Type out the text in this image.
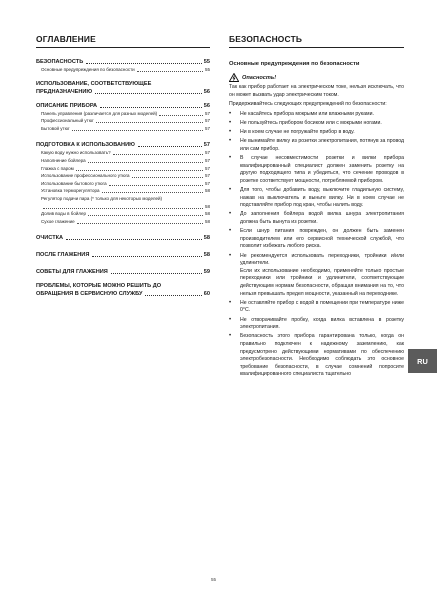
ОГЛАВЛЕНИЕ
БЕЗОПАСНОСТЬ	55
Основные предупреждения по безопасности	55
ИСПОЛЬЗОВАНИЕ, СООТВЕТСТВУЮЩЕЕ
ПРЕДНАЗНАЧЕНИЮ	56
ОПИСАНИЕ ПРИБОРА	56
Панель управления (различается для разных моделей)	57
Профессиональный утюг	57
Бытовой утюг	57
ПОДГОТОВКА К ИСПОЛЬЗОВАНИЮ	57
Какую воду нужно использовать?	57
Наполнение бойлера	57
Глажка с паром	57
Использование профессионального утюга	57
Использование бытового утюга	57
Установка терморегулятора	58
Регулятор подачи пара (* только для некоторых моделей)
58
Долив воды в бойлер	58
Сухое глажение	58
ОЧИСТКА	58
ПОСЛЕ ГЛАЖЕНИЯ	58
СОВЕТЫ ДЛЯ ГЛАЖЕНИЯ	59
ПРОБЛЕМЫ, КОТОРЫЕ МОЖНО РЕШИТЬ ДО
ОБРАЩЕНИЯ В СЕРВИСНУЮ СЛУЖБУ	60
БЕЗОПАСНОСТЬ
Основные предупреждения по безопасности
Опасность!

Так как прибор работает на электрическом токе, нельзя исключать, что он может вызвать удар электрическим током.

Придерживайтесь следующих предупреждений по безопасности:

• Не касайтесь прибора мокрыми или влажными руками.
• Не пользуйтесь прибором босиком или с мокрыми ногами.
• Ни в коем случае не погружайте прибор в воду.
• Не вынимайте вилку из розетки электропитания, потянув за провод или сам прибор.
• В случае несовместимости розетки и вилки прибора квалифицированный специалист должен заменить розетку на другую подходящего типа и убедиться, что сечение проводов в розетке соответствует мощности, потребляемой прибором.
• Для того, чтобы добавить воду, выключите гладильную систему, нажав на выключатель и выньте вилку. Ни в коем случае не подставляйте прибор под кран, чтобы налить воду.
• До заполнения бойлера водой вилка шнура электропитания должна быть вынута из розетки.
• Если шнур питания поврежден, он должен быть заменен производителем или его сервисной технической службой, что позволит избежать любого риска.
• Не рекомендуется использовать переходники, тройники и/или удлинители.
Если их использование необходимо, применяйте только простые переходники или тройники и удлинители, соответствующие действующим нормам безопасности, обращая внимания на то, что нельзя превышать предел мощности, указанный на переходнике.
• Не оставляйте прибор с водой в помещении при температуре ниже 0°С.
• Не отворачивайте пробку, когда вилка вставлена в розетку электропитания.
• Безопасность этого прибора гарантирована только, когда он правильно подключен к надежному заземлению, как предусмотрено действующими нормативами по обеспечению электробезопасности. Необходимо соблюдать это основное требование безопасности, в случае сомнений попросите квалифицированного специалиста тщательно
RU
55
